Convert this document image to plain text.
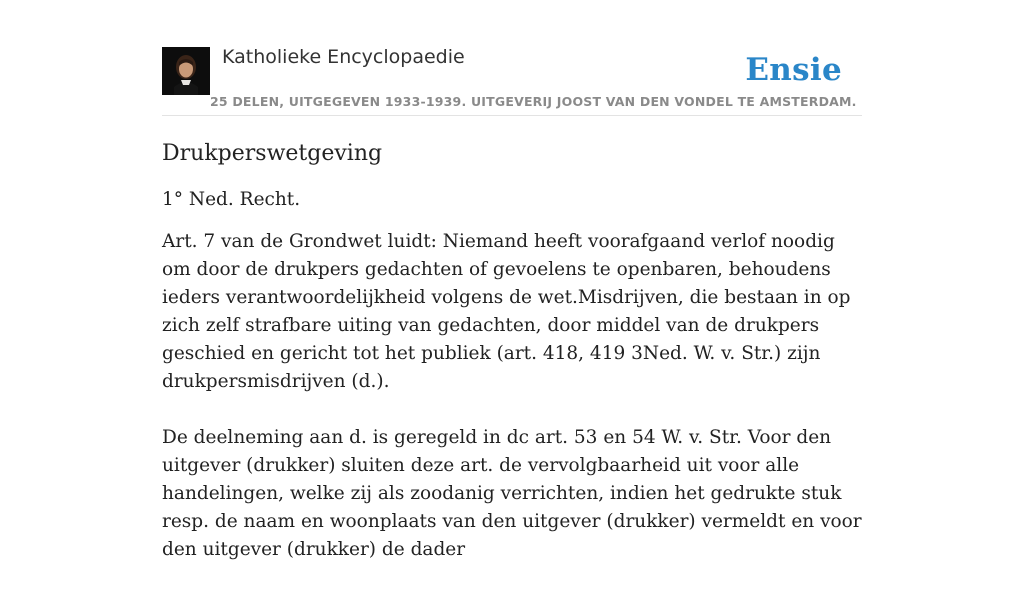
Katholieke Encyclopaedie
25 DELEN, UITGEGEVEN 1933-1939. UITGEVERIJ JOOST VAN DEN VONDEL TE AMSTERDAM.
Ensie
Drukperswetgeving

1° Ned. Recht.

Art. 7 van de Grondwet luidt: Niemand heeft voorafgaand verlof noodig om door de drukpers gedachten of gevoelens te openbaren, behoudens ieders verantwoordelijkheid volgens de wet.Misdrijven, die bestaan in op zich zelf strafbare uiting van gedachten, door middel van de drukpers geschied en gericht tot het publiek (art. 418, 419 3Ned. W. v. Str.) zijn drukpersmisdrijven (d.).

De deelneming aan d. is geregeld in dc art. 53 en 54 W. v. Str. Voor den uitgever (drukker) sluiten deze art. de vervolgbaarheid uit voor alle handelingen, welke zij als zoodanig verrichten, indien het gedrukte stuk resp. de naam en woonplaats van den uitgever (drukker) vermeldt en voor den uitgever (drukker) de dader
